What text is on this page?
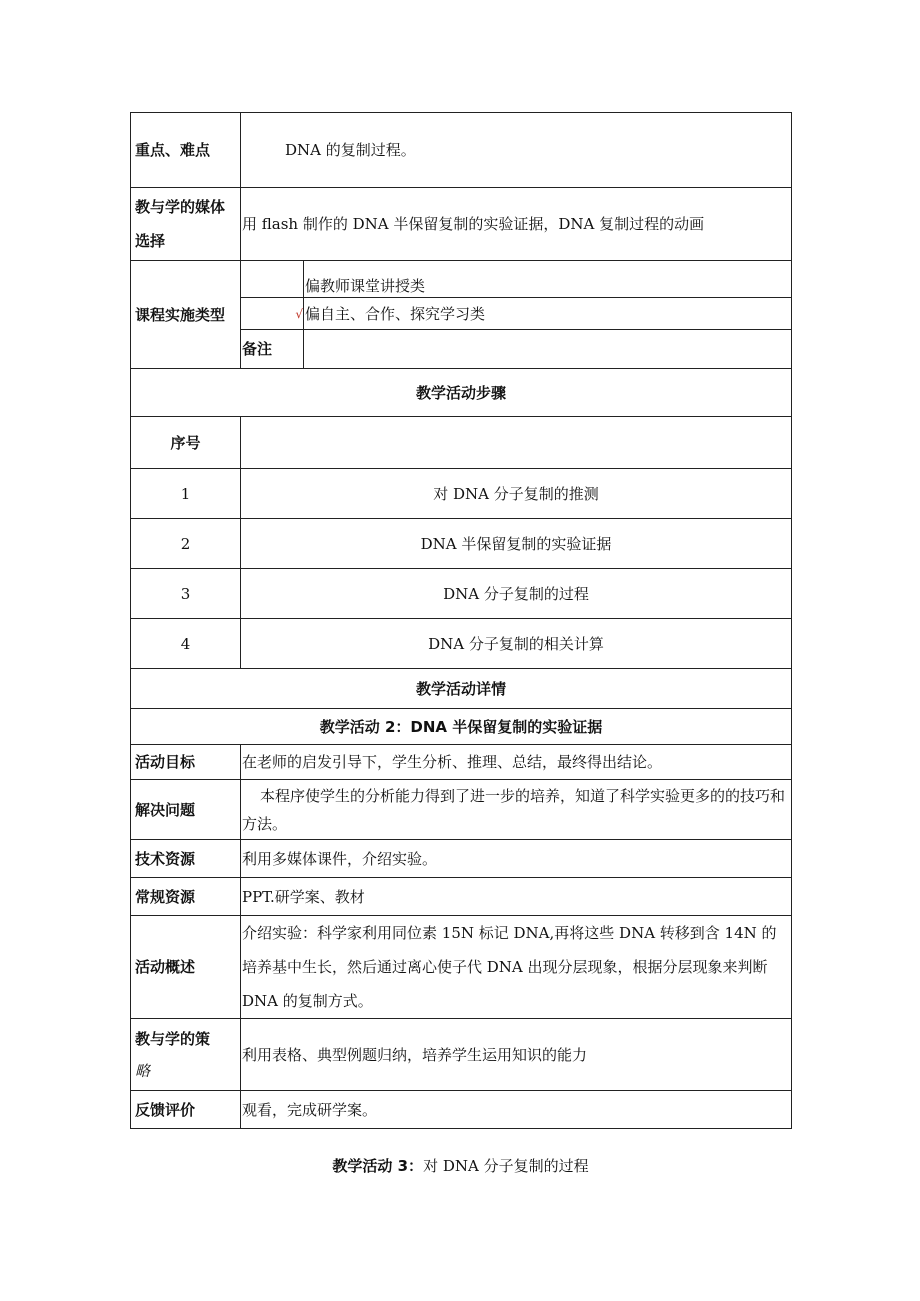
重点、难点	DNA 的复制过程。	

教与学的媒体
选择	用 flash 制作的 DNA 半保留复制的实验证据，DNA 复制过程的动画	
课程实施类型		偏教师课堂讲授类
	√	偏自主、合作、探究学习类
	备注	
教学活动步骤		
序号		
1	对 DNA 分子复制的推测	
2	DNA 半保留复制的实验证据	
3	DNA 分子复制的过程	
4	DNA 分子复制的相关计算	
教学活动详情		
教学活动 2：DNA 半保留复制的实验证据		
活动目标	在老师的启发引导下，学生分析、推理、总结，最终得出结论。	
解决问题	本程序使学生的分析能力得到了进一步的培养，知道了科学实验更多的的技巧和方法。	
技术资源	利用多媒体课件，介绍实验。	
常规资源	PPT.研学案、教材	
活动概述	介绍实验：科学家利用同位素 15N 标记 DNA,再将这些 DNA 转移到含 14N 的培养基中生长，然后通过离心使子代 DNA 出现分层现象，根据分层现象来判断 DNA 的复制方式。	

教与学的策
略	利用表格、典型例题归纳，培养学生运用知识的能力	
反馈评价	观看，完成研学案。	
教学活动 3：对 DNA 分子复制的过程
